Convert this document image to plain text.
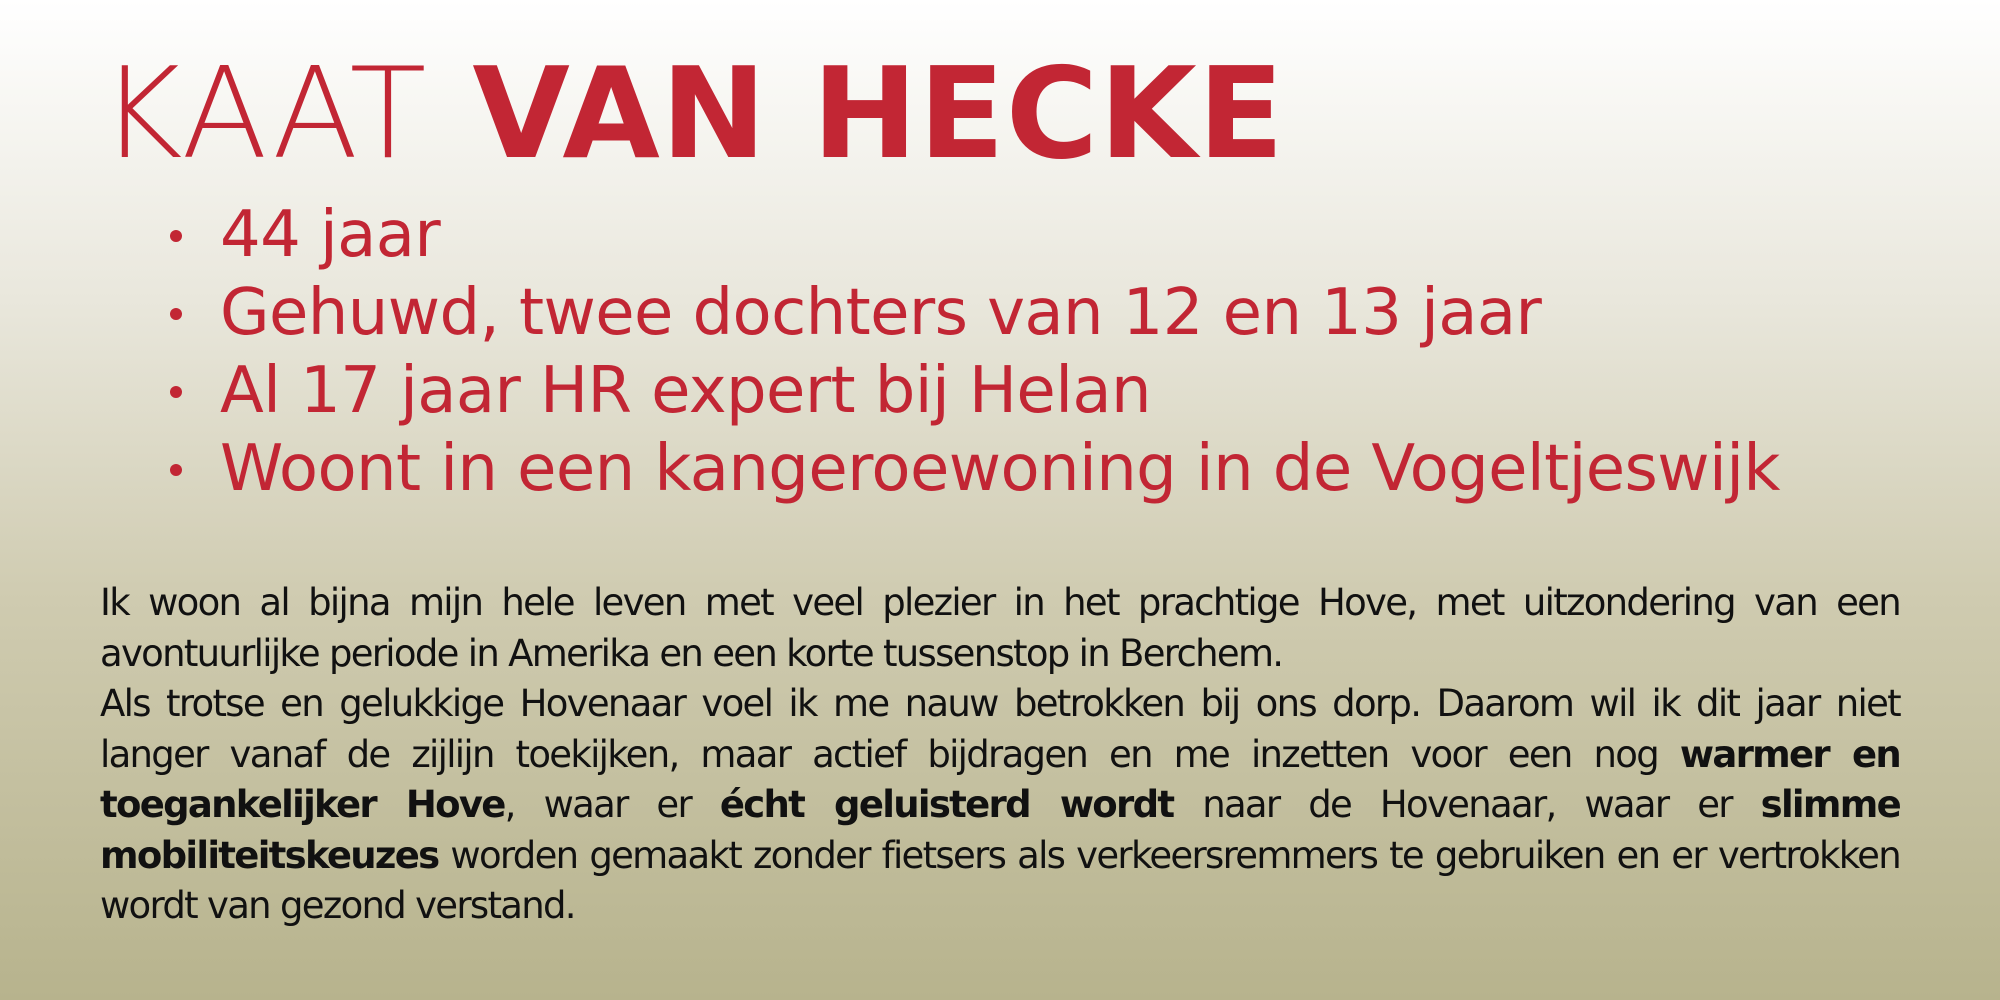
KAAT VAN HECKE
44 jaar
Gehuwd, twee dochters van 12 en 13 jaar
Al 17 jaar HR expert bij Helan
Woont in een kangeroewoning in de Vogeltjeswijk

Ik woon al bijna mijn hele leven met veel plezier in het prachtige Hove, met uitzondering van een avontuurlijke periode in Amerika en een korte tussenstop in Berchem.

Als trotse en gelukkige Hovenaar voel ik me nauw betrokken bij ons dorp. Daarom wil ik dit jaar niet langer vanaf de zijlijn toekijken, maar actief bijdragen en me inzetten voor een nog warmer en toegankelijker Hove, waar er écht geluisterd wordt naar de Hovenaar, waar er slimme mobiliteitskeuzes worden gemaakt zonder fietsers als verkeersremmers te gebruiken en er vertrokken wordt van gezond verstand.
